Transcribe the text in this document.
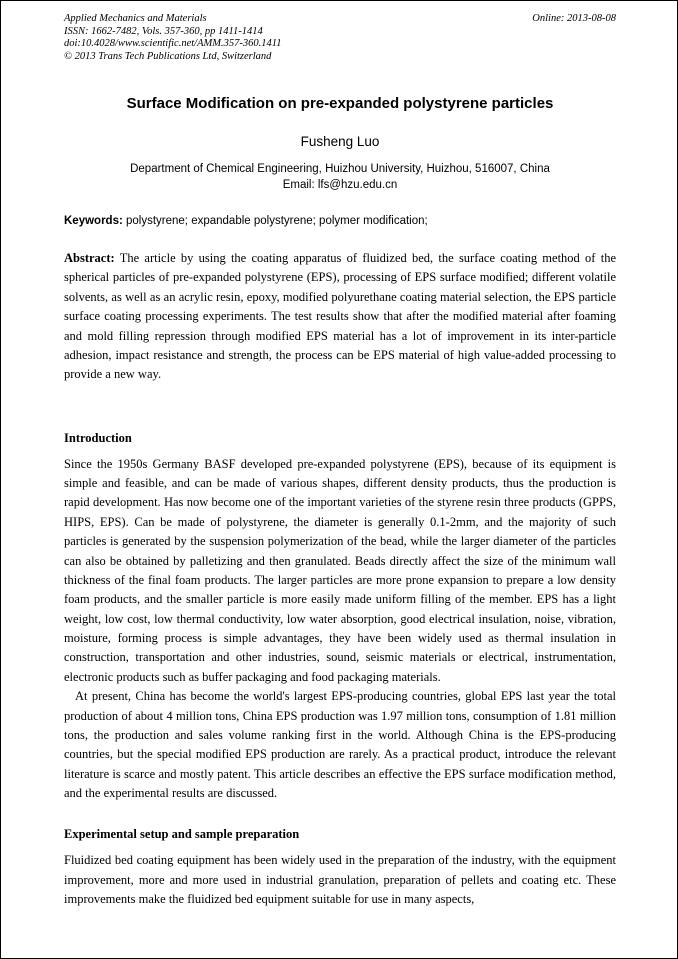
Applied Mechanics and Materials
ISSN: 1662-7482, Vols. 357-360, pp 1411-1414
doi:10.4028/www.scientific.net/AMM.357-360.1411
© 2013 Trans Tech Publications Ltd, Switzerland
Online: 2013-08-08
Surface Modification on pre-expanded polystyrene particles
Fusheng Luo
Department of Chemical Engineering, Huizhou University, Huizhou, 516007, China
Email: lfs@hzu.edu.cn

Keywords: polystyrene; expandable polystyrene; polymer modification;

Abstract: The article by using the coating apparatus of fluidized bed, the surface coating method of the spherical particles of pre-expanded polystyrene (EPS), processing of EPS surface modified; different volatile solvents, as well as an acrylic resin, epoxy, modified polyurethane coating material selection, the EPS particle surface coating processing experiments. The test results show that after the modified material after foaming and mold filling repression through modified EPS material has a lot of improvement in its inter-particle adhesion, impact resistance and strength, the process can be EPS material of high value-added processing to provide a new way.

Introduction

Since the 1950s Germany BASF developed pre-expanded polystyrene (EPS), because of its equipment is simple and feasible, and can be made of various shapes, different density products, thus the production is rapid development. Has now become one of the important varieties of the styrene resin three products (GPPS, HIPS, EPS). Can be made of polystyrene, the diameter is generally 0.1-2mm, and the majority of such particles is generated by the suspension polymerization of the bead, while the larger diameter of the particles can also be obtained by palletizing and then granulated. Beads directly affect the size of the minimum wall thickness of the final foam products. The larger particles are more prone expansion to prepare a low density foam products, and the smaller particle is more easily made uniform filling of the member. EPS has a light weight, low cost, low thermal conductivity, low water absorption, good electrical insulation, noise, vibration, moisture, forming process is simple advantages, they have been widely used as thermal insulation in construction, transportation and other industries, sound, seismic materials or electrical, instrumentation, electronic products such as buffer packaging and food packaging materials.

At present, China has become the world's largest EPS-producing countries, global EPS last year the total production of about 4 million tons, China EPS production was 1.97 million tons, consumption of 1.81 million tons, the production and sales volume ranking first in the world. Although China is the EPS-producing countries, but the special modified EPS production are rarely. As a practical product, introduce the relevant literature is scarce and mostly patent. This article describes an effective the EPS surface modification method, and the experimental results are discussed.

Experimental setup and sample preparation

Fluidized bed coating equipment has been widely used in the preparation of the industry, with the equipment improvement, more and more used in industrial granulation, preparation of pellets and coating etc. These improvements make the fluidized bed equipment suitable for use in many aspects,
